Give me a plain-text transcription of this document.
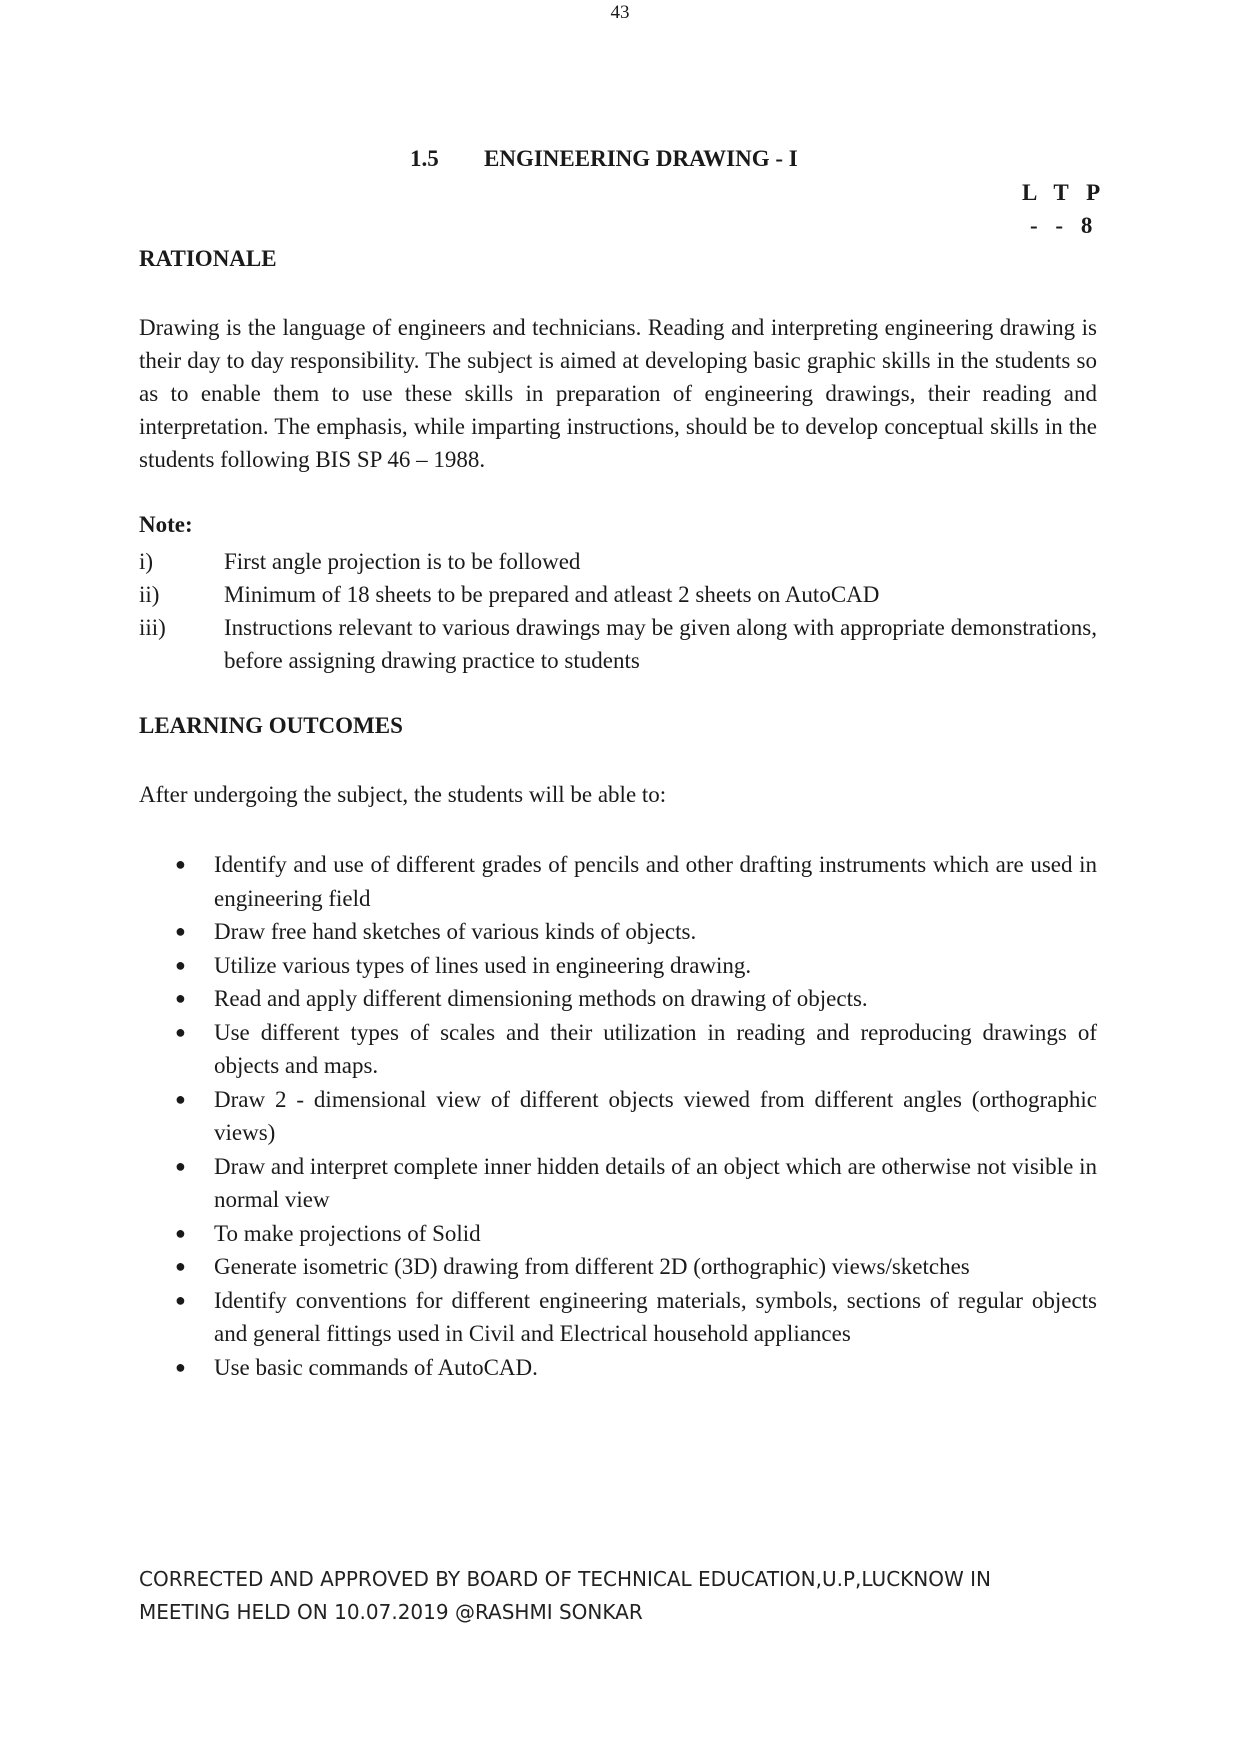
43
1.5 ENGINEERING DRAWING - I
L T P
- - 8
RATIONALE

Drawing is the language of engineers and technicians. Reading and interpreting engineering drawing is their day to day responsibility. The subject is aimed at developing basic graphic skills in the students so as to enable them to use these skills in preparation of engineering drawings, their reading and interpretation. The emphasis, while imparting instructions, should be to develop conceptual skills in the students following BIS SP 46 – 1988.

Note:
i)	First angle projection is to be followed
ii)	Minimum of 18 sheets to be prepared and atleast 2 sheets on AutoCAD
iii)	Instructions relevant to various drawings may be given along with appropriate demonstrations, before assigning drawing practice to students
LEARNING OUTCOMES
After undergoing the subject, the students will be able to:
●	Identify and use of different grades of pencils and other drafting instruments which are used in engineering field
●	Draw free hand sketches of various kinds of objects.
●	Utilize various types of lines used in engineering drawing.
●	Read and apply different dimensioning methods on drawing of objects.
●	Use different types of scales and their utilization in reading and reproducing drawings of objects and maps.
●	Draw 2 - dimensional view of different objects viewed from different angles (orthographic views)
●	Draw and interpret complete inner hidden details of an object which are otherwise not visible in normal view
●	To make projections of Solid
●	Generate isometric (3D) drawing from different 2D (orthographic) views/sketches
●	Identify conventions for different engineering materials, symbols, sections of regular objects and general fittings used in Civil and Electrical household appliances
●	Use basic commands of AutoCAD.
CORRECTED AND APPROVED BY BOARD OF TECHNICAL EDUCATION,U.P,LUCKNOW IN
MEETING HELD ON 10.07.2019 @RASHMI SONKAR
